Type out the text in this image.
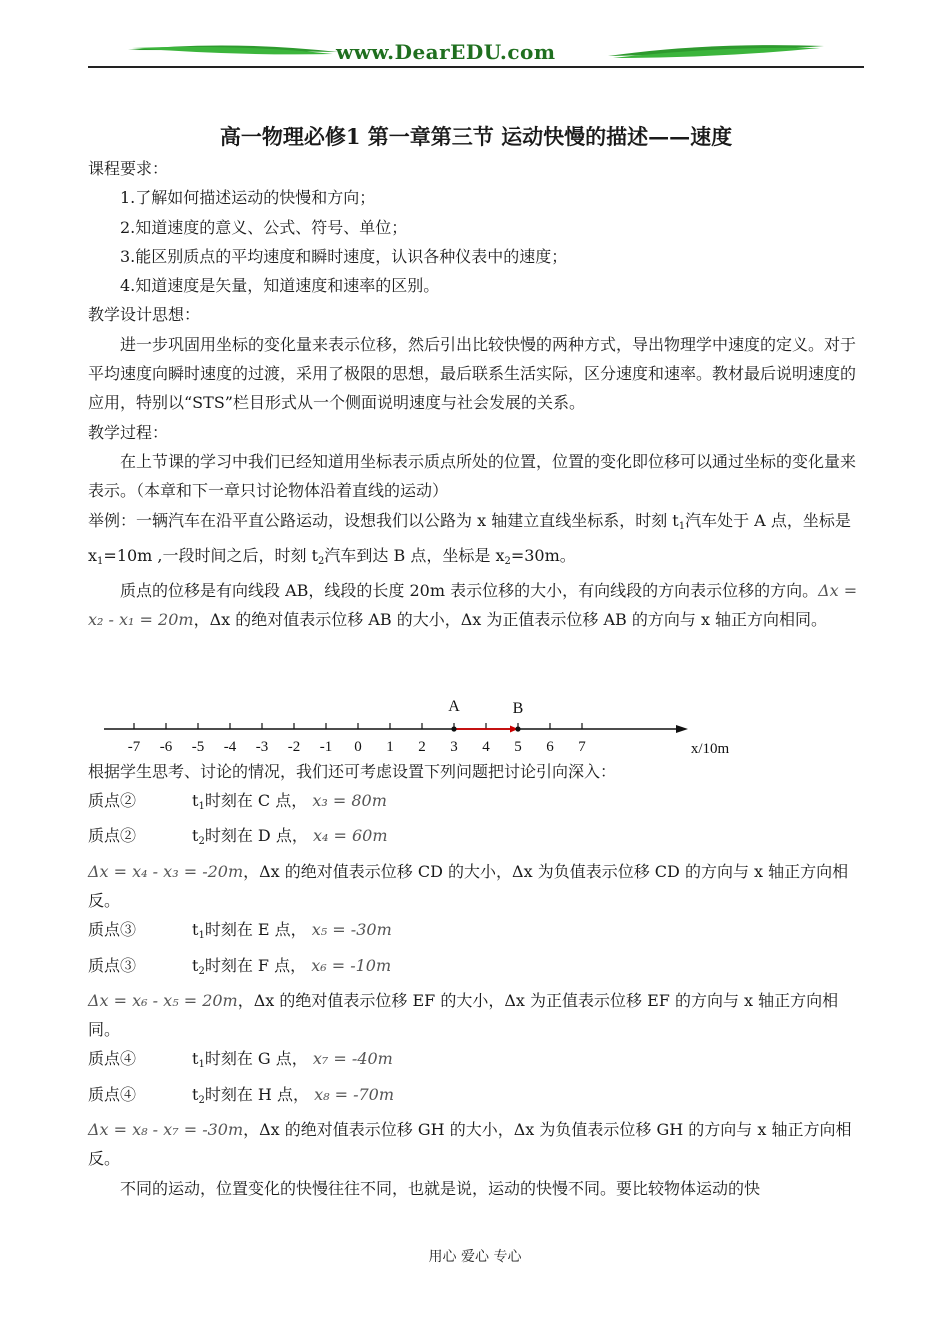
www.DearEDU.com
高一物理必修1 第一章第三节 运动快慢的描述——速度

课程要求：

1.了解如何描述运动的快慢和方向；

2.知道速度的意义、公式、符号、单位；

3.能区别质点的平均速度和瞬时速度，认识各种仪表中的速度；

4.知道速度是矢量，知道速度和速率的区别。

教学设计思想：

进一步巩固用坐标的变化量来表示位移，然后引出比较快慢的两种方式，导出物理学中速度的定义。对于平均速度向瞬时速度的过渡，采用了极限的思想，最后联系生活实际，区分速度和速率。教材最后说明速度的应用，特别以“STS”栏目形式从一个侧面说明速度与社会发展的关系。

教学过程：

在上节课的学习中我们已经知道用坐标表示质点所处的位置，位置的变化即位移可以通过坐标的变化量来表示。（本章和下一章只讨论物体沿着直线的运动）

举例：一辆汽车在沿平直公路运动，设想我们以公路为 x 轴建立直线坐标系，时刻 $t_1$汽车处于 A 点，坐标是 $x_1=10m$ ,一段时间之后，时刻 $t_2$汽车到达 B 点，坐标是 $x_2=30m$。

质点的位移是有向线段 AB，线段的长度 20m 表示位移的大小，有向线段的方向表示位移的方向。Δx = x₂ - x₁ = 20m，Δx 的绝对值表示位移 AB 的大小，Δx 为正值表示位移 AB 的方向与 x 轴正方向相同。

-7 -6 -5 -4 -3 -2 -1 0 1 2 3 4 5 6 7
A	B
x/10m

根据学生思考、讨论的情况，我们还可考虑设置下列问题把讨论引向深入：

质点②	$t_1$时刻在 C 点， x₃ = 80m

质点②	$t_2$时刻在 D 点， x₄ = 60m

Δx = x₄ - x₃ = -20m，Δx 的绝对值表示位移 CD 的大小，Δx 为负值表示位移 CD 的方向与 x 轴正方向相反。

质点③	$t_1$时刻在 E 点， x₅ = -30m

质点③	$t_2$时刻在 F 点， x₆ = -10m

Δx = x₆ - x₅ = 20m，Δx 的绝对值表示位移 EF 的大小，Δx 为正值表示位移 EF 的方向与 x 轴正方向相同。

质点④	$t_1$时刻在 G 点， x₇ = -40m

质点④	$t_2$时刻在 H 点， x₈ = -70m

Δx = x₈ - x₇ = -30m，Δx 的绝对值表示位移 GH 的大小，Δx 为负值表示位移 GH 的方向与 x 轴正方向相反。

不同的运动，位置变化的快慢往往不同，也就是说，运动的快慢不同。要比较物体运动的快

用心 爱心 专心
